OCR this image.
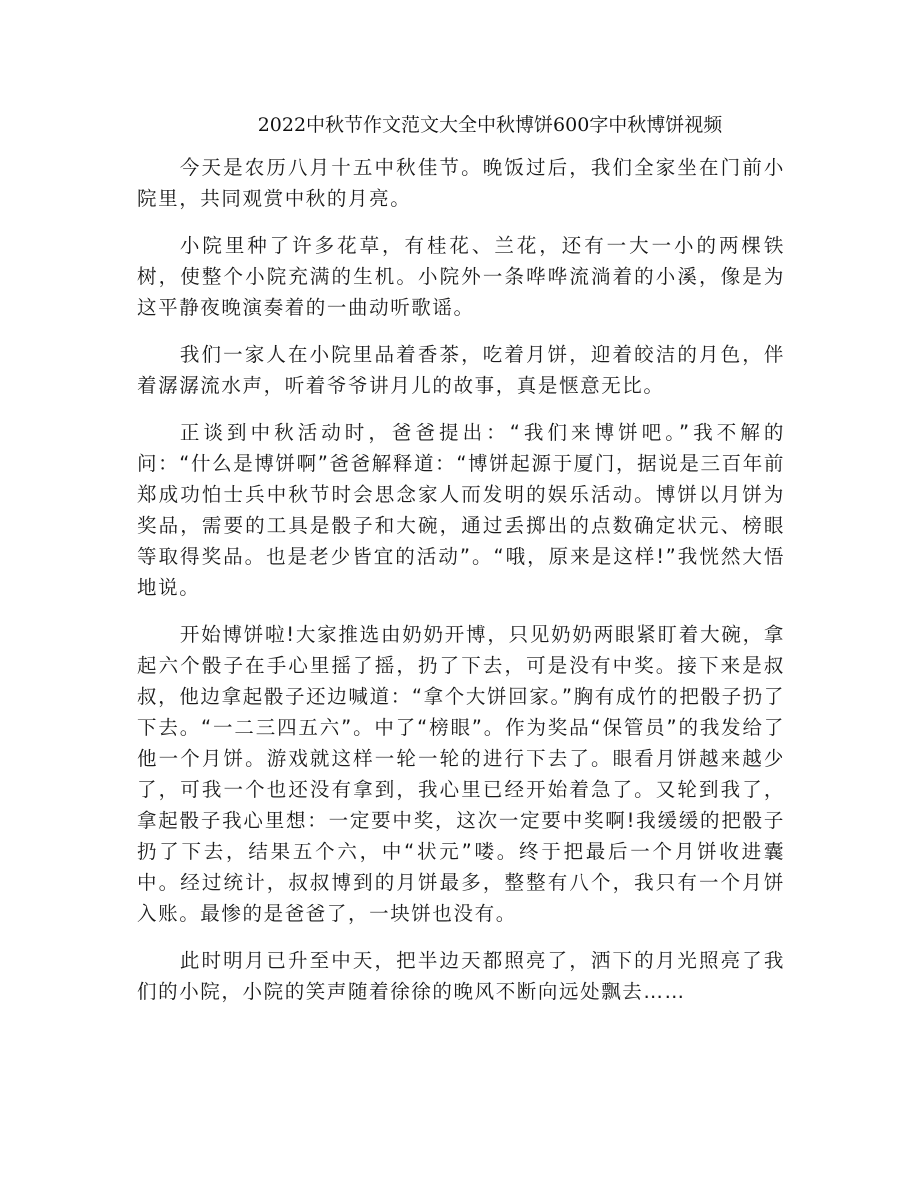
2022中秋节作文范文大全中秋博饼600字中秋博饼视频

今天是农历八月十五中秋佳节。晚饭过后，我们全家坐在门前小院里，共同观赏中秋的月亮。

小院里种了许多花草，有桂花、兰花，还有一大一小的两棵铁树，使整个小院充满的生机。小院外一条哗哗流淌着的小溪，像是为这平静夜晚演奏着的一曲动听歌谣。

我们一家人在小院里品着香茶，吃着月饼，迎着皎洁的月色，伴着潺潺流水声，听着爷爷讲月儿的故事，真是惬意无比。

正谈到中秋活动时，爸爸提出：“我们来博饼吧。”我不解的问：“什么是博饼啊”爸爸解释道：“博饼起源于厦门，据说是三百年前郑成功怕士兵中秋节时会思念家人而发明的娱乐活动。博饼以月饼为奖品，需要的工具是骰子和大碗，通过丢掷出的点数确定状元、榜眼等取得奖品。也是老少皆宜的活动”。“哦，原来是这样!”我恍然大悟地说。

开始博饼啦!大家推选由奶奶开博，只见奶奶两眼紧盯着大碗，拿起六个骰子在手心里摇了摇，扔了下去，可是没有中奖。接下来是叔叔，他边拿起骰子还边喊道：“拿个大饼回家。”胸有成竹的把骰子扔了下去。“一二三四五六”。中了“榜眼”。作为奖品“保管员”的我发给了他一个月饼。游戏就这样一轮一轮的进行下去了。眼看月饼越来越少了，可我一个也还没有拿到，我心里已经开始着急了。又轮到我了，拿起骰子我心里想：一定要中奖，这次一定要中奖啊!我缓缓的把骰子扔了下去，结果五个六，中“状元”喽。终于把最后一个月饼收进囊中。经过统计，叔叔博到的月饼最多，整整有八个，我只有一个月饼入账。最惨的是爸爸了，一块饼也没有。

此时明月已升至中天，把半边天都照亮了，洒下的月光照亮了我们的小院，小院的笑声随着徐徐的晚风不断向远处飘去……
